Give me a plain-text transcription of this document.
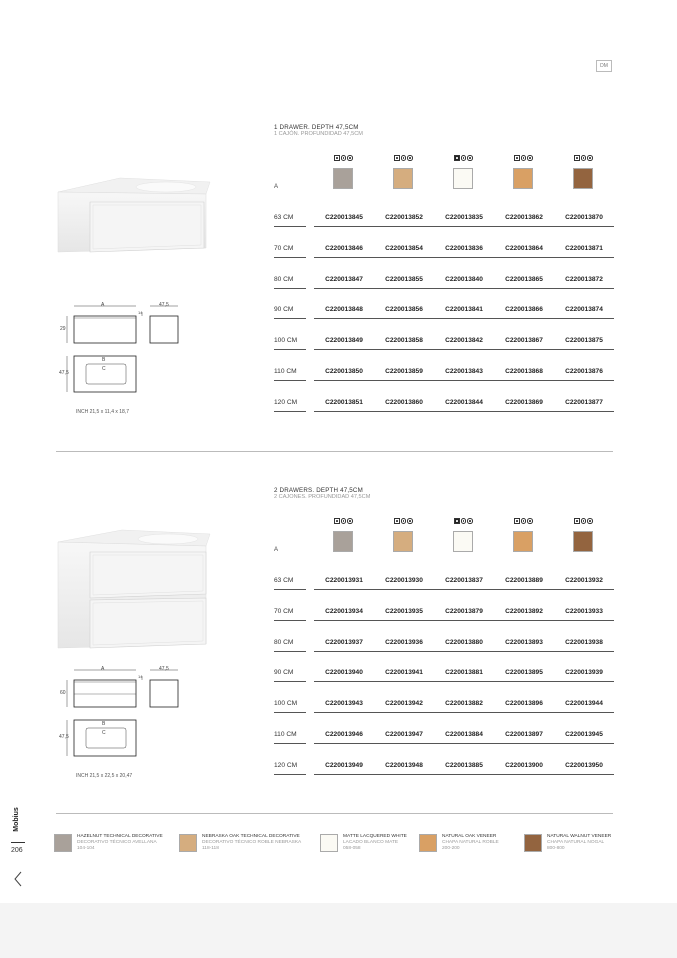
DM
1 DRAWER. DEPTH 47,5CM
1 CAJÓN. PROFUNDIDAD 47,5CM
A	47,5
29
14
47,5
B
C
INCH 21,5 x 11,4 x 18,7
A
63 CM	C220013845	C220013852	C220013835	C220013862	C220013870
70 CM	C220013846	C220013854	C220013836	C220013864	C220013871
80 CM	C220013847	C220013855	C220013840	C220013865	C220013872
90 CM	C220013848	C220013856	C220013841	C220013866	C220013874
100 CM	C220013849	C220013858	C220013842	C220013867	C220013875
110 CM	C220013850	C220013859	C220013843	C220013868	C220013876
120 CM	C220013851	C220013860	C220013844	C220013869	C220013877
2 DRAWERS. DEPTH 47,5CM
2 CAJONES. PROFUNDIDAD 47,5CM
A	47,5
60
14
47,5
B
C
INCH 21,5 x 22,5 x 20,47
A
63 CM	C220013931	C220013930	C220013837	C220013889	C220013932
70 CM	C220013934	C220013935	C220013879	C220013892	C220013933
80 CM	C220013937	C220013936	C220013880	C220013893	C220013938
90 CM	C220013940	C220013941	C220013881	C220013895	C220013939
100 CM	C220013943	C220013942	C220013882	C220013896	C220013944
110 CM	C220013946	C220013947	C220013884	C220013897	C220013945
120 CM	C220013949	C220013948	C220013885	C220013900	C220013950
Mobius
206
HAZELNUT TECHNICAL DECORATIVE
DECORATIVO TÉCNICO AVELLANA
104-104
NEBRASKA OAK TECHNICAL DECORATIVE
DECORATIVO TÉCNICO ROBLE NEBRASKA
118-118
MATTE LACQUERED WHITE
LACADO BLANCO MATE
058-058
NATURAL OAK VENEER
CHAPA NATURAL ROBLE
200-200
NATURAL WALNUT VENEER
CHAPA NATURAL NOGAL
800-800
